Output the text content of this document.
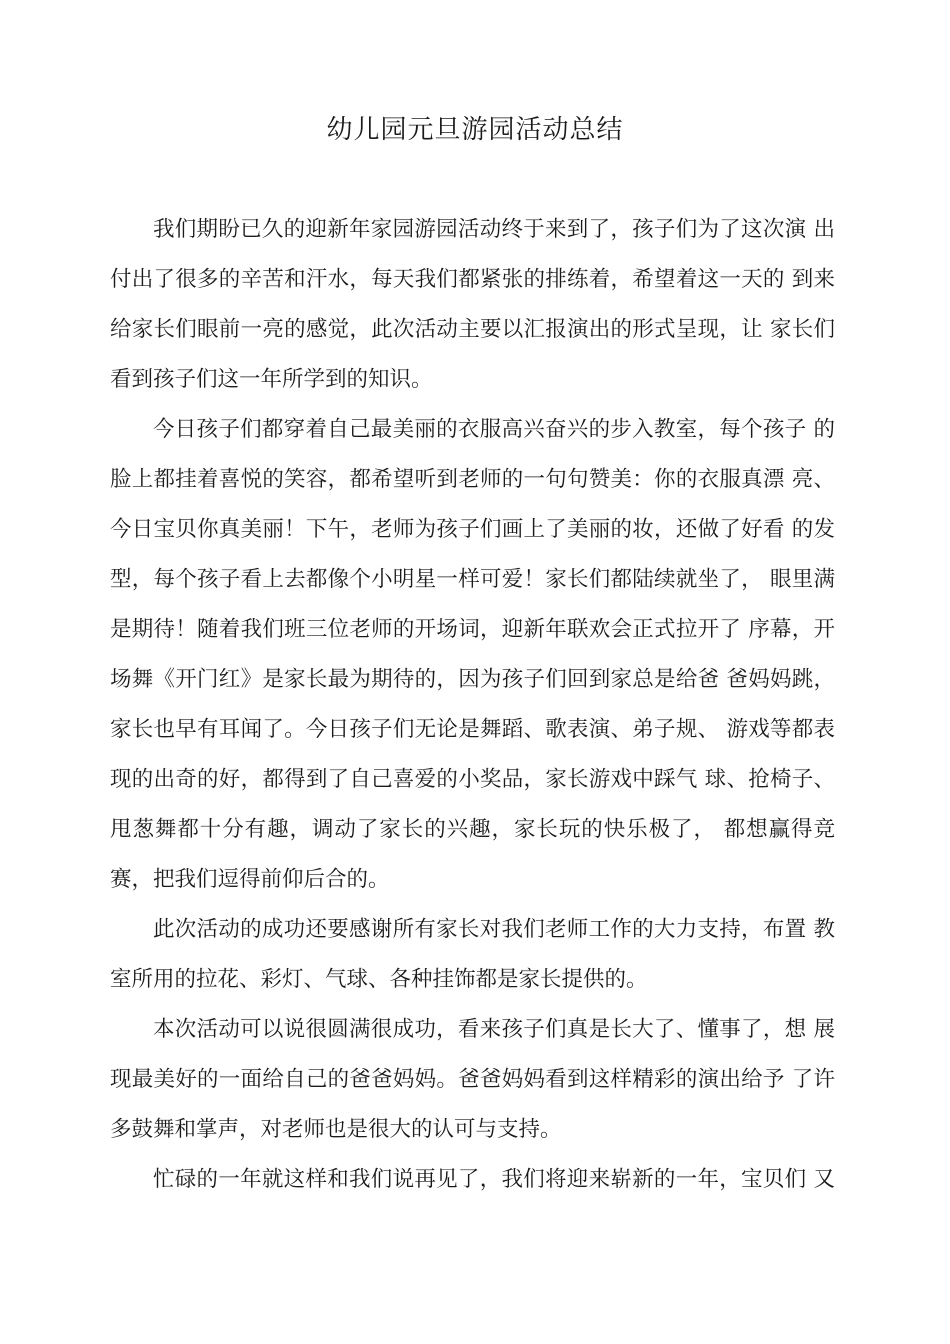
幼儿园元旦游园活动总结

我们期盼已久的迎新年家园游园活动终于来到了，孩子们为了这次演 出
付出了很多的辛苦和汗水，每天我们都紧张的排练着，希望着这一天的 到来
给家长们眼前一亮的感觉，此次活动主要以汇报演出的形式呈现，让 家长们
看到孩子们这一年所学到的知识。

今日孩子们都穿着自己最美丽的衣服高兴奋兴的步入教室，每个孩子 的
脸上都挂着喜悦的笑容，都希望听到老师的一句句赞美：你的衣服真漂 亮、
今日宝贝你真美丽！下午，老师为孩子们画上了美丽的妆，还做了好看 的发
型，每个孩子看上去都像个小明星一样可爱！家长们都陆续就坐了， 眼里满
是期待！随着我们班三位老师的开场词，迎新年联欢会正式拉开了 序幕，开
场舞《开门红》是家长最为期待的，因为孩子们回到家总是给爸 爸妈妈跳，
家长也早有耳闻了。今日孩子们无论是舞蹈、歌表演、弟子规、 游戏等都表
现的出奇的好，都得到了自己喜爱的小奖品，家长游戏中踩气 球、抢椅子、
甩葱舞都十分有趣，调动了家长的兴趣，家长玩的快乐极了， 都想赢得竞
赛，把我们逗得前仰后合的。

此次活动的成功还要感谢所有家长对我们老师工作的大力支持，布置 教
室所用的拉花、彩灯、气球、各种挂饰都是家长提供的。

本次活动可以说很圆满很成功，看来孩子们真是长大了、懂事了，想 展
现最美好的一面给自己的爸爸妈妈。爸爸妈妈看到这样精彩的演出给予 了许
多鼓舞和掌声，对老师也是很大的认可与支持。

忙碌的一年就这样和我们说再见了，我们将迎来崭新的一年，宝贝们 又
